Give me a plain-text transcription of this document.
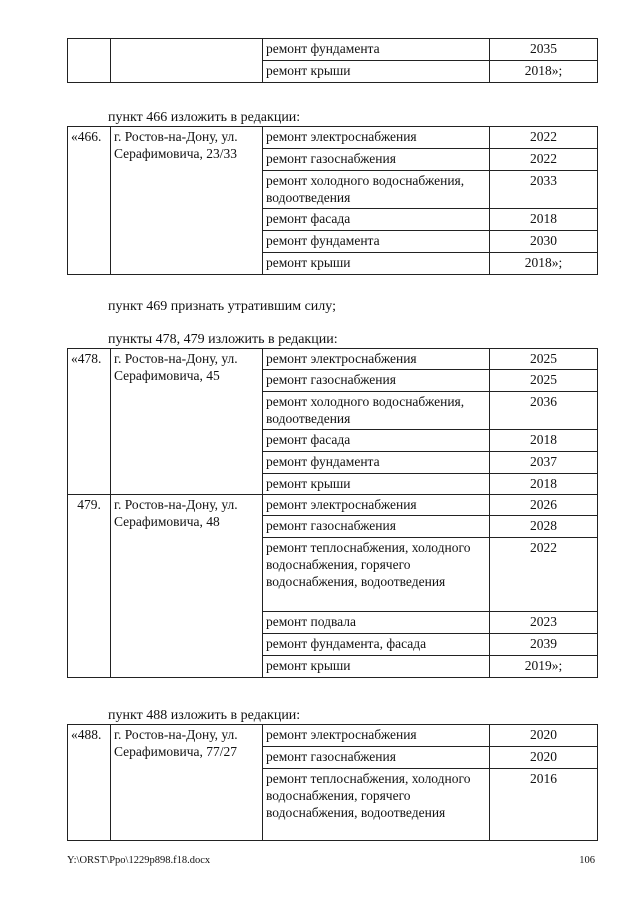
		ремонт фундамента	2035
		ремонт крыши	2018»;
пункт 466 изложить в редакции:
«466.	г. Ростов-на-Дону, ул. Серафимовича, 23/33	ремонт электроснабжения	2022
		ремонт газоснабжения	2022
		ремонт холодного водоснабжения, водоотведения	2033
		ремонт фасада	2018
		ремонт фундамента	2030
		ремонт крыши	2018»;
пункт 469 признать утратившим силу;
пункты 478, 479 изложить в редакции:
«478.	г. Ростов-на-Дону, ул. Серафимовича, 45	ремонт электроснабжения	2025
		ремонт газоснабжения	2025
		ремонт холодного водоснабжения, водоотведения	2036
		ремонт фасада	2018
		ремонт фундамента	2037
		ремонт крыши	2018
479.	г. Ростов-на-Дону, ул. Серафимовича, 48	ремонт электроснабжения	2026
		ремонт газоснабжения	2028
		ремонт теплоснабжения, холодного водоснабжения, горячего водоснабжения, водоотведения	2022
		ремонт подвала	2023
		ремонт фундамента, фасада	2039
		ремонт крыши	2019»;
пункт 488 изложить в редакции:
«488.	г. Ростов-на-Дону, ул. Серафимовича, 77/27	ремонт электроснабжения	2020
		ремонт газоснабжения	2020
		ремонт теплоснабжения, холодного водоснабжения, горячего водоснабжения, водоотведения	2016
Y:\ORST\Ppo\1229p898.f18.docx	106
